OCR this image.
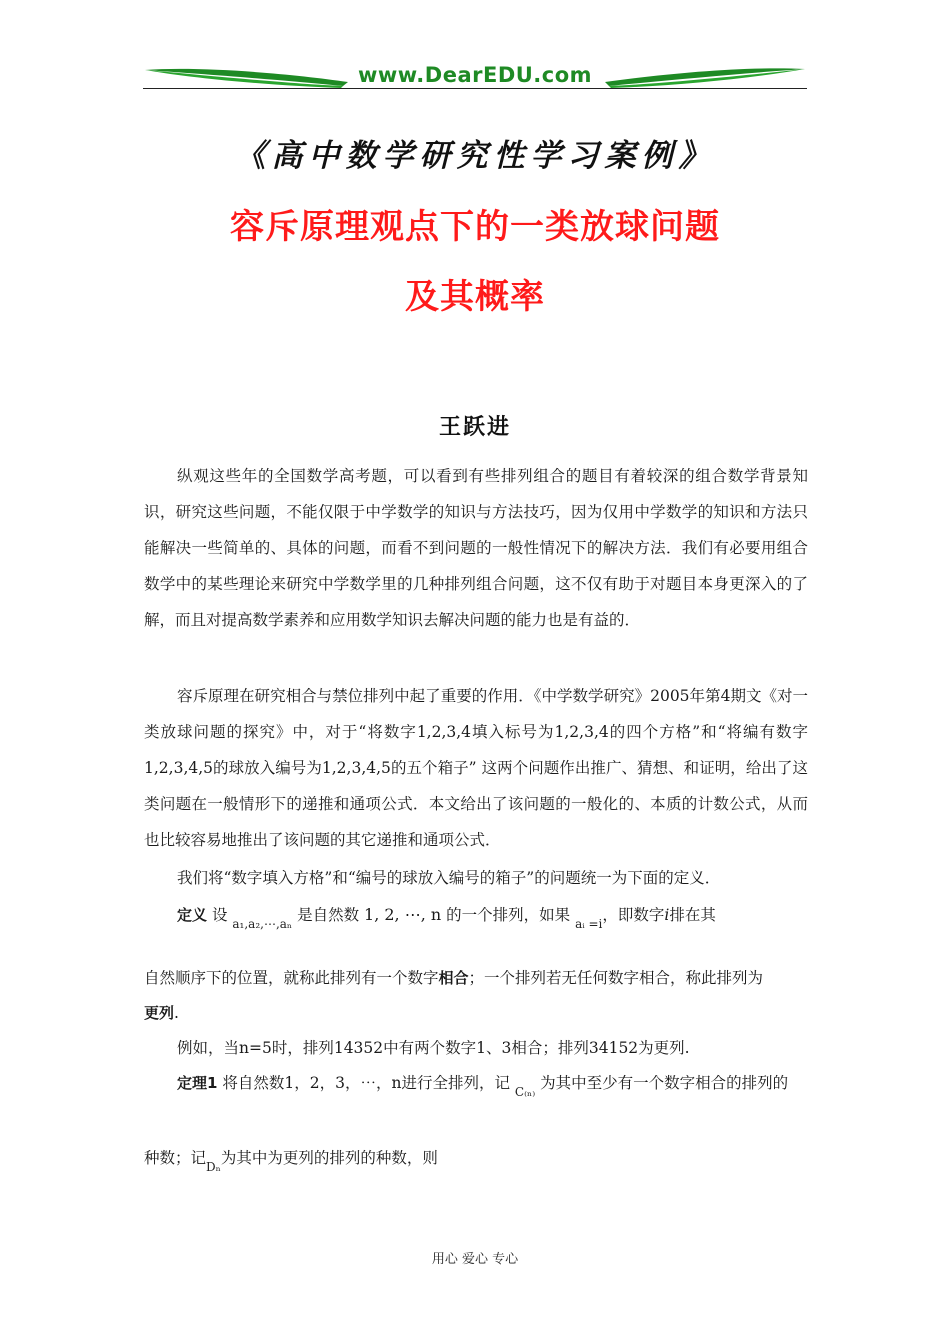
www.DearEDU.com
《高中数学研究性学习案例》
容斥原理观点下的一类放球问题
及其概率
王跃进

纵观这些年的全国数学高考题，可以看到有些排列组合的题目有着较深的组合数学背景知识，研究这些问题，不能仅限于中学数学的知识与方法技巧，因为仅用中学数学的知识和方法只能解决一些简单的、具体的问题，而看不到问题的一般性情况下的解决方法．我们有必要用组合数学中的某些理论来研究中学数学里的几种排列组合问题，这不仅有助于对题目本身更深入的了解，而且对提高数学素养和应用数学知识去解决问题的能力也是有益的．

容斥原理在研究相合与禁位排列中起了重要的作用．《中学数学研究》2005年第4期文《对一类放球问题的探究》中，对于“将数字1,2,3,4填入标号为1,2,3,4的四个方格”和“将编有数字1,2,3,4,5的球放入编号为1,2,3,4,5的五个箱子” 这两个问题作出推广、猜想、和证明，给出了这类问题在一般情形下的递推和通项公式．本文给出了该问题的一般化的、本质的计数公式，从而也比较容易地推出了该问题的其它递推和通项公式．

我们将“数字填入方格”和“编号的球放入编号的箱子”的问题统一为下面的定义．

定义 设 $_{a_1,a_2,\cdots,a_n}$ 是自然数 1, 2, ⋯, n 的一个排列，如果 $_{aᵢ =i}$，即数字i排在其
自然顺序下的位置，就称此排列有一个数字相合；一个排列若无任何数字相合，称此排列为
更列.
例如，当n=5时，排列14352中有两个数字1、3相合；排列34152为更列.
定理1 将自然数1，2，3，⋯，n进行全排列，记 $_{C_{(n)}}$ 为其中至少有一个数字相合的排列的
种数；记$_{D_n}$为其中为更列的排列的种数，则
用心 爱心 专心
